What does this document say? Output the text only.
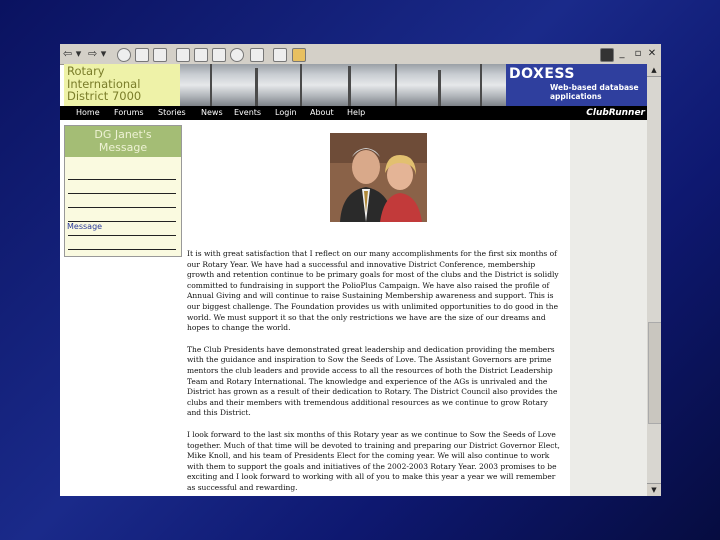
⇦ ▾ ⇨ ▾	_	▫ ✕
Rotary
International
District 7000
DOXESS
Web-based database applications
Home Forums Stories News Events Login About Help	ClubRunner
DG Janet's
Message
Message

It is with great satisfaction that I reflect on our many accomplishments for the first six months of our Rotary Year. We have had a successful and innovative District Conference, membership growth and retention continue to be primary goals for most of the clubs and the District is solidly committed to fundraising in support the PolioPlus Campaign. We have also raised the profile of Annual Giving and will continue to raise Sustaining Membership awareness and support. This is our biggest challenge. The Foundation provides us with unlimited opportunities to do good in the world. We must support it so that the only restrictions we have are the size of our dreams and hopes to change the world.

The Club Presidents have demonstrated great leadership and dedication providing the members with the guidance and inspiration to Sow the Seeds of Love. The Assistant Governors are prime mentors the club leaders and provide access to all the resources of both the District Leadership Team and Rotary International. The knowledge and experience of the AGs is unrivaled and the District has grown as a result of their dedication to Rotary. The District Council also provides the clubs and their members with tremendous additional resources as we continue to grow Rotary and this District.

I look forward to the last six months of this Rotary year as we continue to Sow the Seeds of Love together. Much of that time will be devoted to training and preparing our District Governor Elect, Mike Knoll, and his team of Presidents Elect for the coming year. We will also continue to work with them to support the goals and initiatives of the 2002-2003 Rotary Year. 2003 promises to be exciting and I look forward to working with all of you to make this year a year we will remember as successful and rewarding.

▲
▼
